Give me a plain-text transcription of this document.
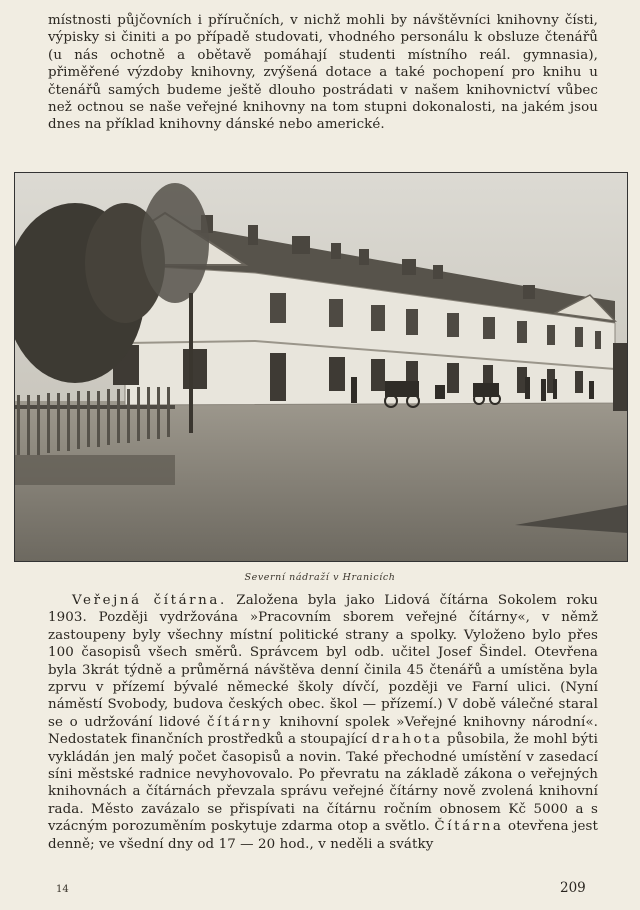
místnosti půjčovních i příručních, v nichž mohli by návštěvníci knihovny čísti, výpisky si činiti a po případě studovati, vhodného personálu k obsluze čtenářů (u nás ochotně a obětavě pomáhají studenti místního reál. gymnasia), přiměřené výzdoby knihovny, zvýšená dotace a také pochopení pro knihu u čtenářů samých budeme ještě dlouho postrádati v našem knihovnictví vůbec než octnou se naše veřejné knihovny na tom stupni dokonalosti, na jakém jsou dnes na příklad knihovny dánské nebo americké.

Severní nádraží v Hranicích

Veřejná čítárna. Založena byla jako Lidová čítárna Sokolem roku 1903. Později vydržována »Pracovním sborem veřejné čítárny«, v němž zastoupeny byly všechny místní politické strany a spolky. Vyloženo bylo přes 100 časopisů všech směrů. Správcem byl odb. učitel Josef Šindel. Otevřena byla 3krát týdně a průměrná návštěva denní činila 45 čtenářů a umístěna byla zprvu v přízemí bývalé německé školy dívčí, později ve Farní ulici. (Nyní náměstí Svobody, budova českých obec. škol — přízemí.) V době válečné staral se o udržování lidové čítárny knihovní spolek »Veřejné knihovny národní«. Nedostatek finančních prostředků a stoupající drahota působila, že mohl býti vykládán jen malý počet časopisů a novin. Také přechodné umístění v zasedací síni městské radnice nevyhovovalo. Po převratu na základě zákona o veřejných knihovnách a čítárnách převzala správu veřejné čítárny nově zvolená knihovní rada. Město zavázalo se přispívati na čítárnu ročním obnosem Kč 5000 a s vzácným porozuměním poskytuje zdarma otop a světlo. Čítárna otevřena jest denně; ve všední dny od 17 — 20 hod., v neděli a svátky

14	209
